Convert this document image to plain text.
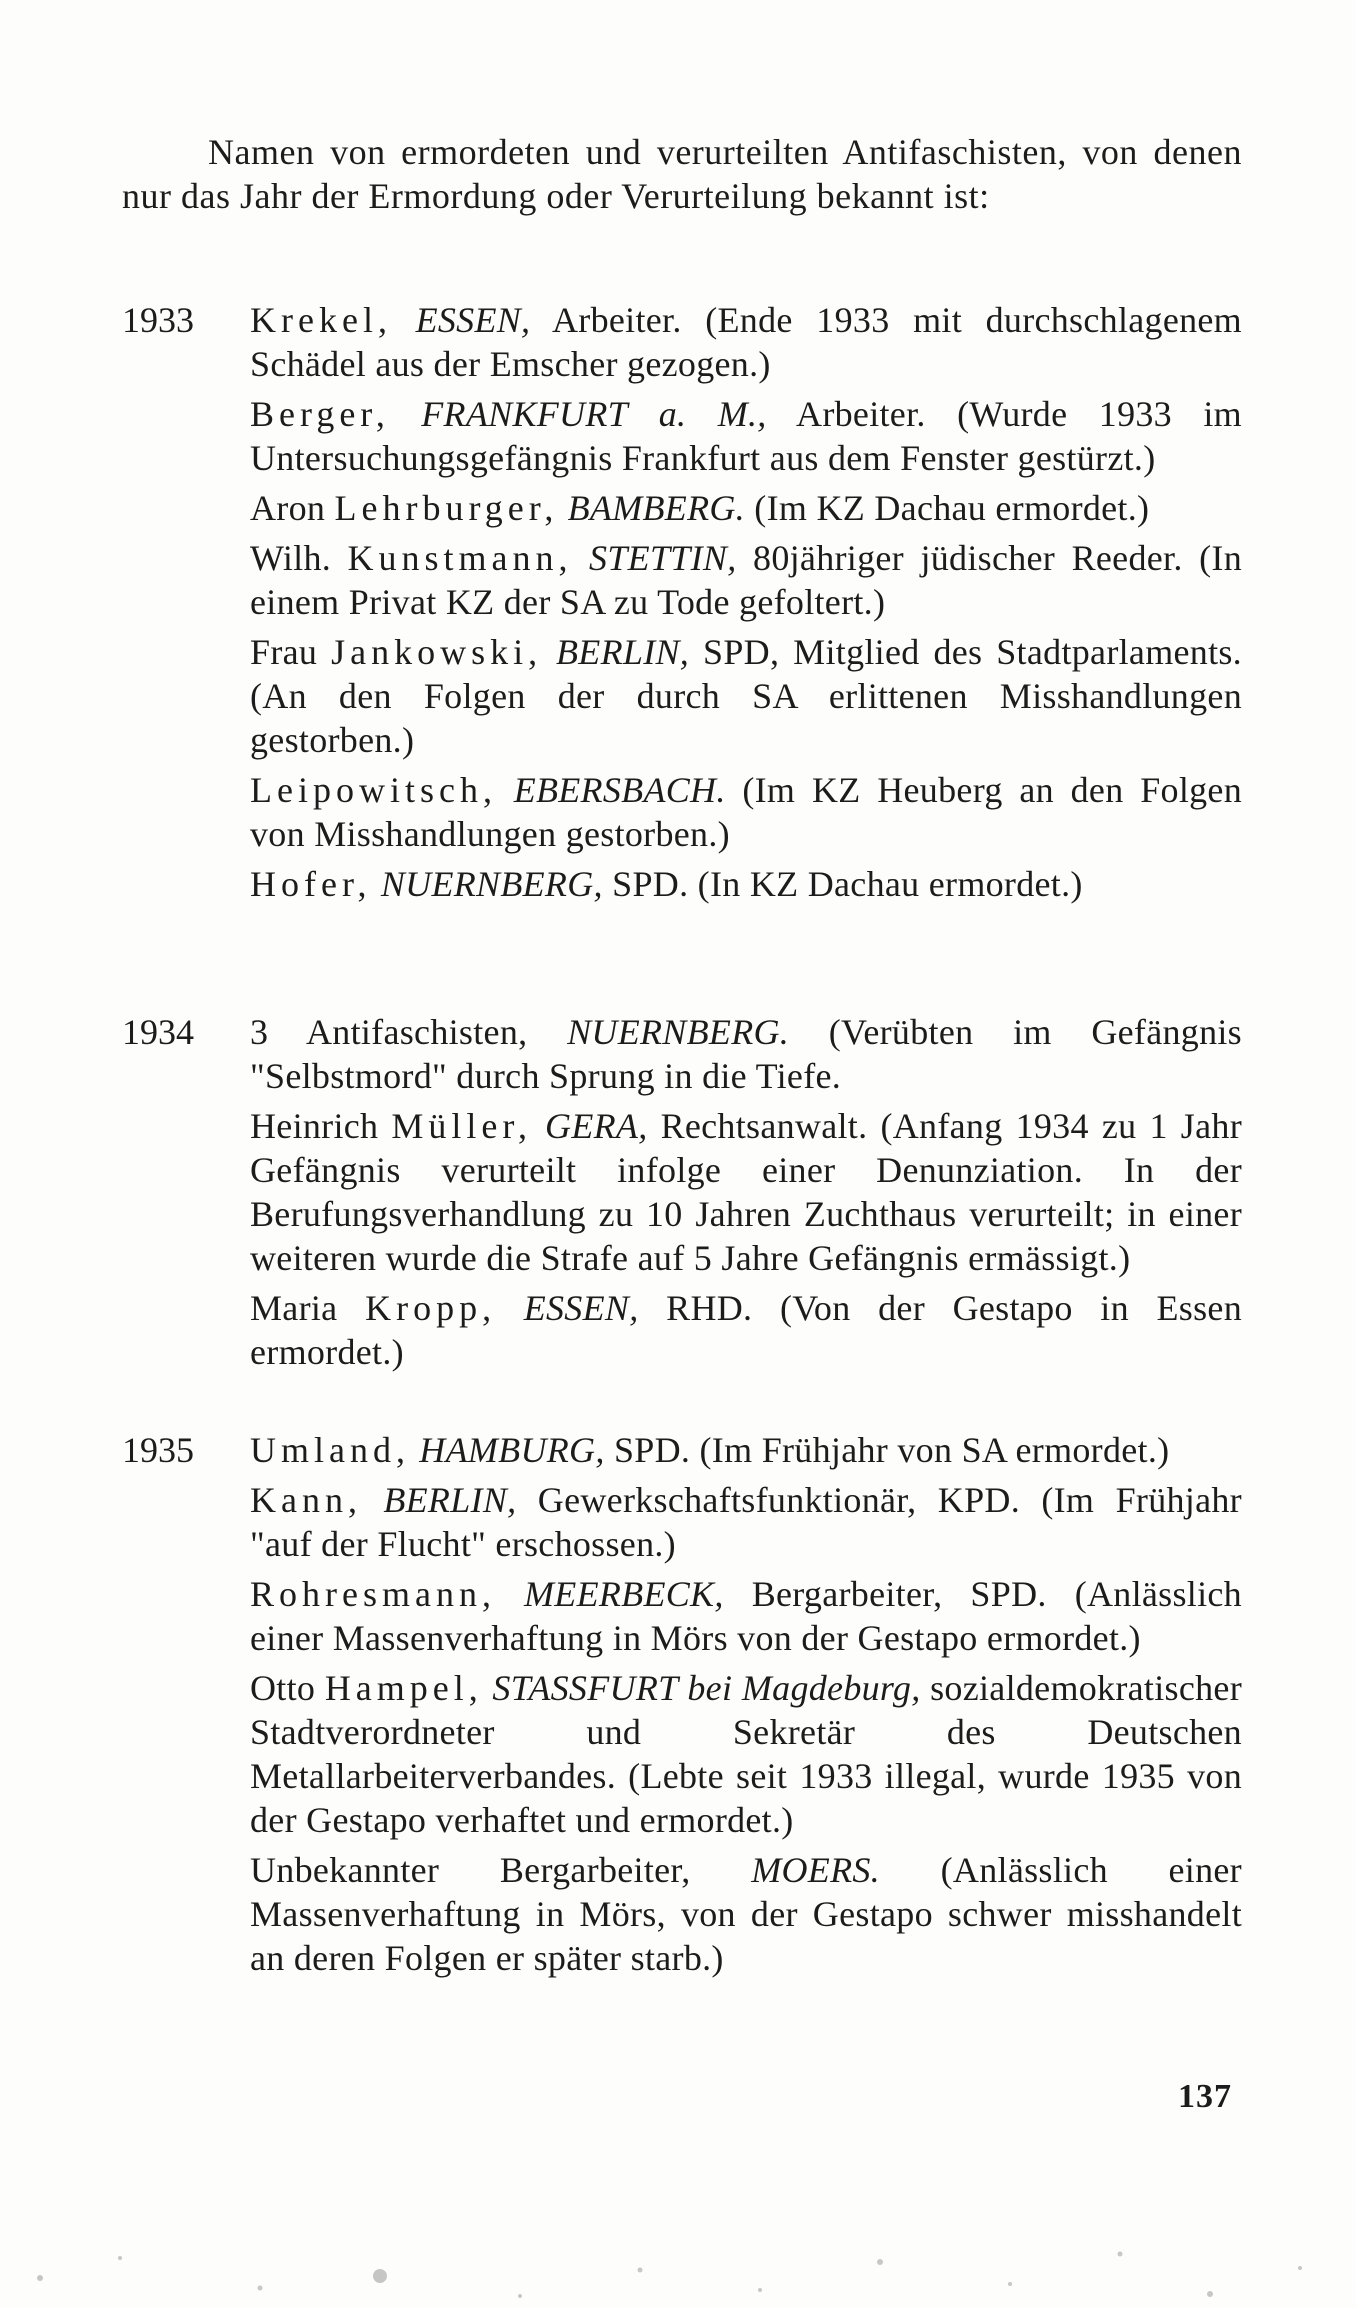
Namen von ermordeten und verurteilten Antifaschisten, von denen nur das Jahr der Ermordung oder Verurteilung bekannt ist:
1933	Krekel, ESSEN, Arbeiter. (Ende 1933 mit durchschlagenem Schädel aus der Emscher gezogen.)

Berger, FRANKFURT a. M., Arbeiter. (Wurde 1933 im Untersuchungsgefängnis Frankfurt aus dem Fenster gestürzt.)

Aron Lehrburger, BAMBERG. (Im KZ Dachau ermordet.)

Wilh. Kunstmann, STETTIN, 80jähriger jüdischer Reeder. (In einem Privat KZ der SA zu Tode gefoltert.)

Frau Jankowski, BERLIN, SPD, Mitglied des Stadtparlaments. (An den Folgen der durch SA erlittenen Misshandlungen gestorben.)

Leipowitsch, EBERSBACH. (Im KZ Heuberg an den Folgen von Misshandlungen gestorben.)

Hofer, NUERNBERG, SPD. (In KZ Dachau ermordet.)

1934	3 Antifaschisten, NUERNBERG. (Verübten im Gefängnis "Selbstmord" durch Sprung in die Tiefe.

Heinrich Müller, GERA, Rechtsanwalt. (Anfang 1934 zu 1 Jahr Gefängnis verurteilt infolge einer Denunziation. In der Berufungsverhandlung zu 10 Jahren Zuchthaus verurteilt; in einer weiteren wurde die Strafe auf 5 Jahre Gefängnis ermässigt.)

Maria Kropp, ESSEN, RHD. (Von der Gestapo in Essen ermordet.)

1935	Umland, HAMBURG, SPD. (Im Frühjahr von SA ermordet.)

Kann, BERLIN, Gewerkschaftsfunktionär, KPD. (Im Frühjahr "auf der Flucht" erschossen.)

Rohresmann, MEERBECK, Bergarbeiter, SPD. (Anlässlich einer Massenverhaftung in Mörs von der Gestapo ermordet.)

Otto Hampel, STASSFURT bei Magdeburg, sozialdemokratischer Stadtverordneter und Sekretär des Deutschen Metallarbeiterverbandes. (Lebte seit 1933 illegal, wurde 1935 von der Gestapo verhaftet und ermordet.)

Unbekannter Bergarbeiter, MOERS. (Anlässlich einer Massenverhaftung in Mörs, von der Gestapo schwer misshandelt an deren Folgen er später starb.)

137
